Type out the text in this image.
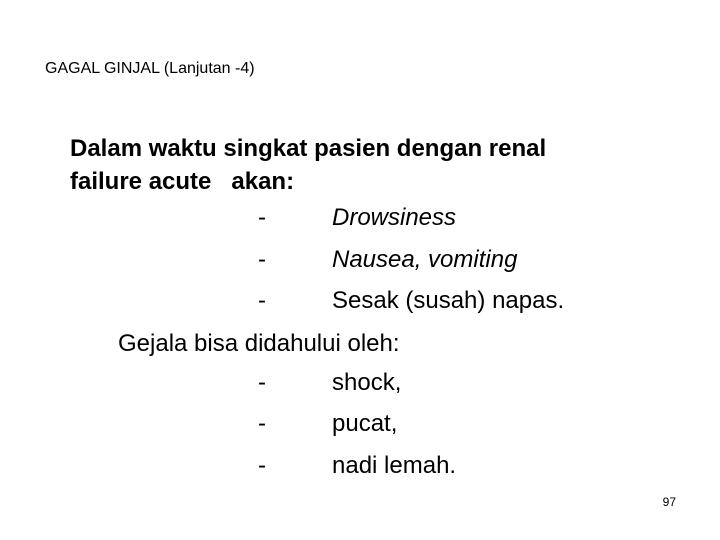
GAGAL GINJAL (Lanjutan -4)
Dalam waktu singkat pasien dengan renal
failure acute   akan:
-	Drowsiness
-	Nausea, vomiting
-	Sesak (susah) napas.
Gejala bisa didahului oleh:
-	shock,
-	pucat,
-	nadi lemah.
97
